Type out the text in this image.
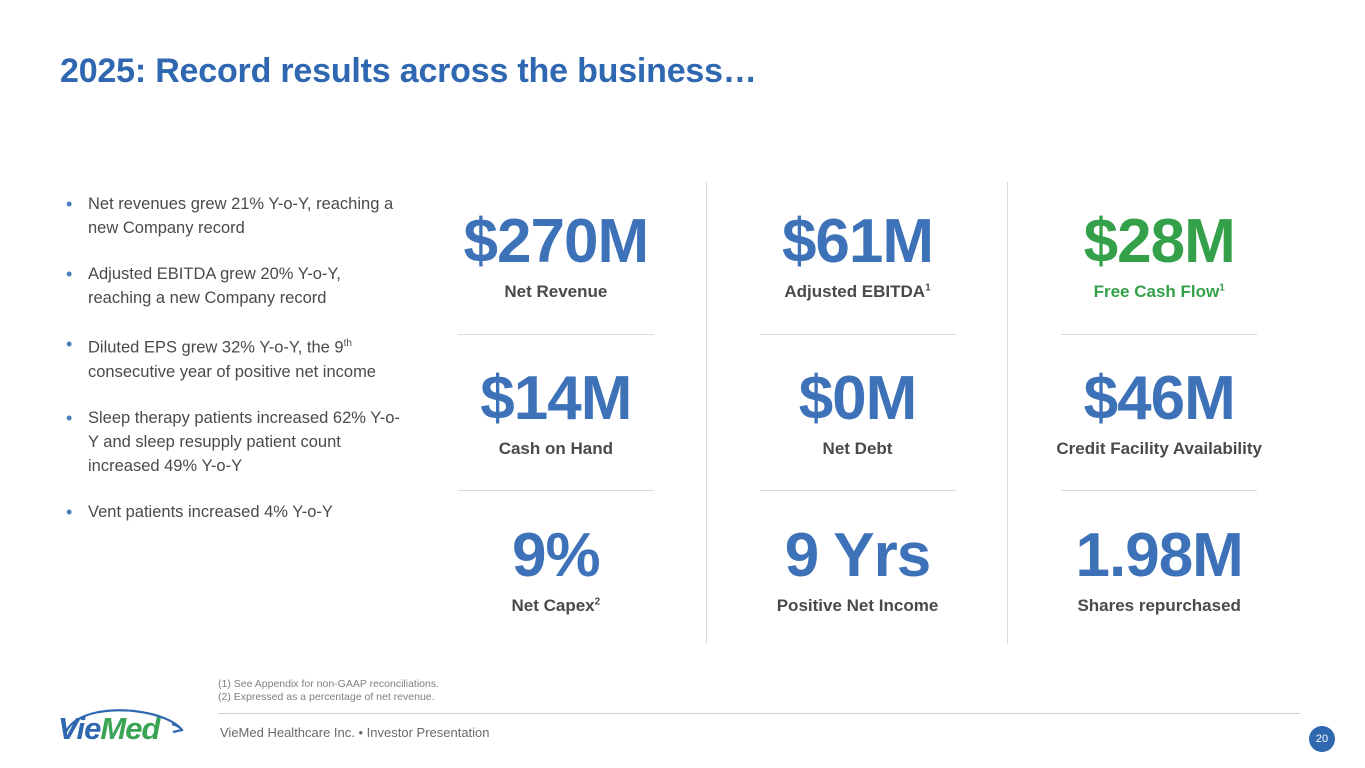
2025: Record results across the business…
• Net revenues grew 21% Y-o-Y, reaching a new Company record
• Adjusted EBITDA grew 20% Y-o-Y, reaching a new Company record
• Diluted EPS grew 32% Y-o-Y, the 9th consecutive year of positive net income
• Sleep therapy patients increased 62% Y-o-Y and sleep resupply patient count increased 49% Y-o-Y
• Vent patients increased 4% Y-o-Y
$270M
Net Revenue
$14M
Cash on Hand
9%
Net Capex$^2$
$61M
Adjusted EBITDA$^1$
$0M
Net Debt
9 Yrs
Positive Net Income
$28M
Free Cash Flow$^1$
$46M
Credit Facility Availability
1.98M
Shares repurchased
(1) See Appendix for non-GAAP reconciliations.
(2) Expressed as a percentage of net revenue.
VieMed Healthcare Inc. • Investor Presentation	20
VieMed
